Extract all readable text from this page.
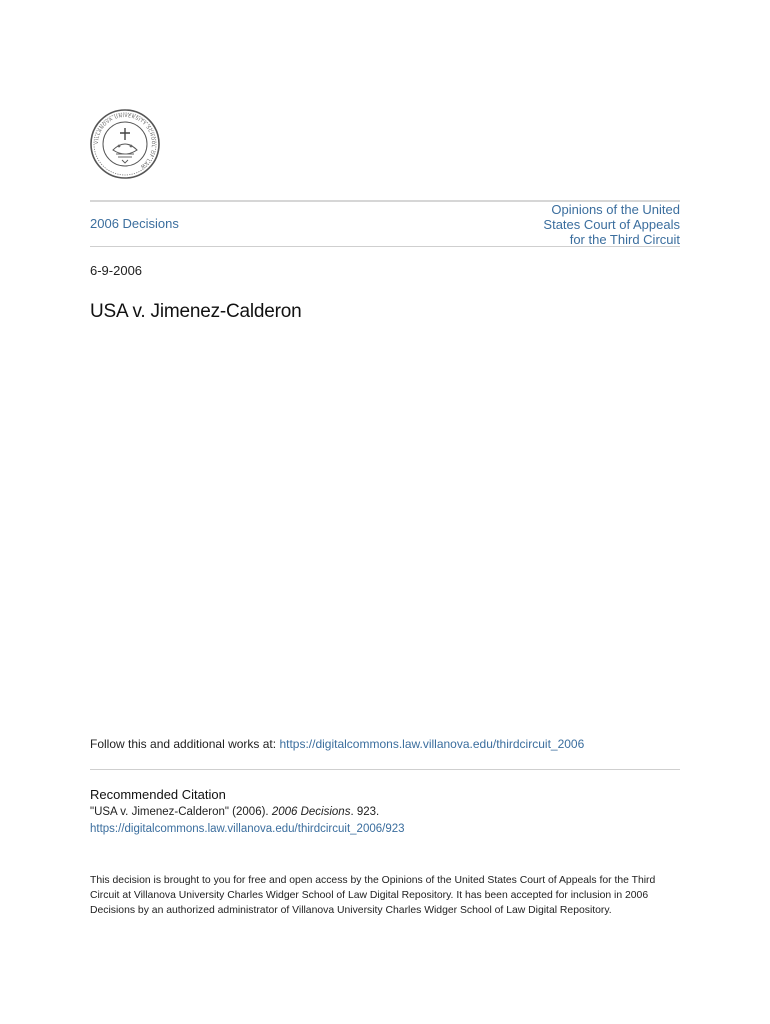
VILLANOVA UNIVERSITY SCHOOL OF LAW
2006 Decisions
Opinions of the United
States Court of Appeals
for the Third Circuit
6-9-2006
USA v. Jimenez-Calderon
Follow this and additional works at: https://digitalcommons.law.villanova.edu/thirdcircuit_2006
Recommended Citation
"USA v. Jimenez-Calderon" (2006). 2006 Decisions. 923.
https://digitalcommons.law.villanova.edu/thirdcircuit_2006/923
This decision is brought to you for free and open access by the Opinions of the United States Court of Appeals for the Third Circuit at Villanova University Charles Widger School of Law Digital Repository. It has been accepted for inclusion in 2006 Decisions by an authorized administrator of Villanova University Charles Widger School of Law Digital Repository.
